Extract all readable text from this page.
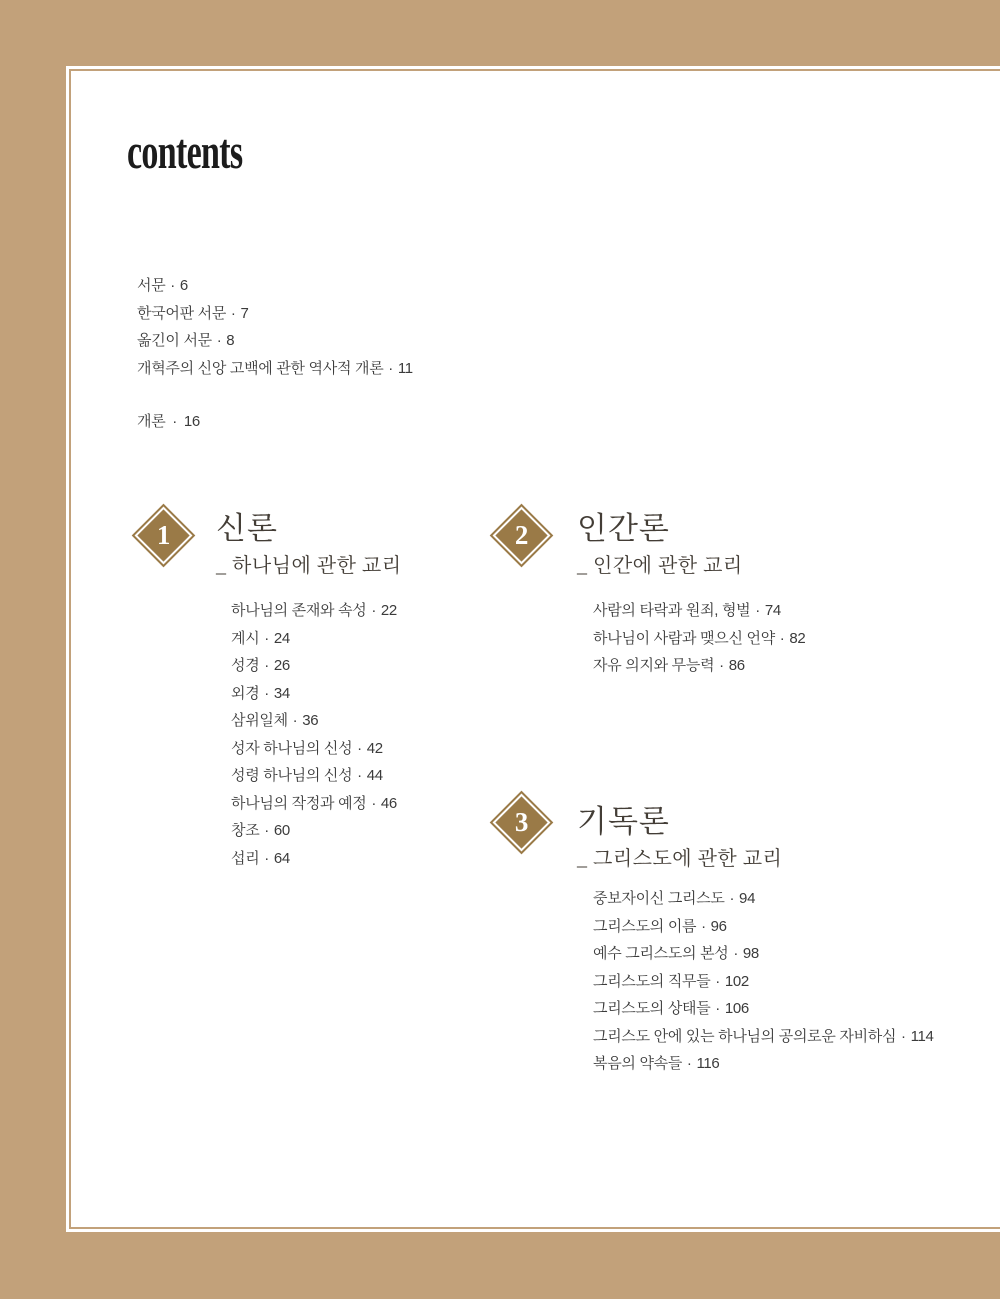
contents
서문 · 6
한국어판 서문 · 7
옮긴이 서문 · 8
개혁주의 신앙 고백에 관한 역사적 개론 · 11
개론 · 16
1 신론
_ 하나님에 관한 교리
하나님의 존재와 속성 · 22
계시 · 24
성경 · 26
외경 · 34
삼위일체 · 36
성자 하나님의 신성 · 42
성령 하나님의 신성 · 44
하나님의 작정과 예정 · 46
창조 · 60
섭리 · 64
2 인간론
_ 인간에 관한 교리
사람의 타락과 원죄, 형벌 · 74
하나님이 사람과 맺으신 언약 · 82
자유 의지와 무능력 · 86
3 기독론
_ 그리스도에 관한 교리
중보자이신 그리스도 · 94
그리스도의 이름 · 96
예수 그리스도의 본성 · 98
그리스도의 직무들 · 102
그리스도의 상태들 · 106
그리스도 안에 있는 하나님의 공의로운 자비하심 · 114
복음의 약속들 · 116
